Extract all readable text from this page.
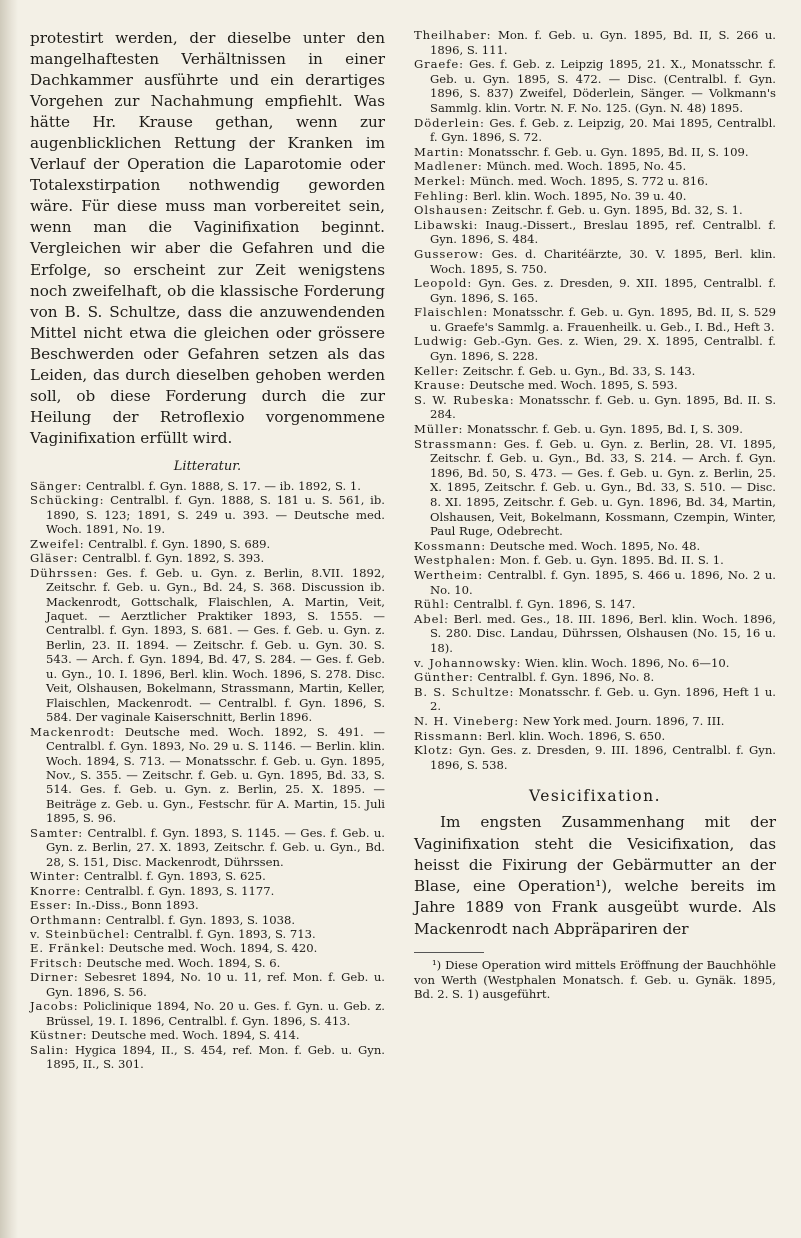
protestirt werden, der dieselbe unter den mangelhaftesten Verhältnissen in einer Dachkammer ausführte und ein derartiges Vorgehen zur Nachahmung empfiehlt. Was hätte Hr. Krause gethan, wenn zur augenblicklichen Rettung der Kranken im Verlauf der Operation die Laparotomie oder Totalexstirpation nothwendig geworden wäre. Für diese muss man vorbereitet sein, wenn man die Vaginifixation beginnt. Vergleichen wir aber die Gefahren und die Erfolge, so erscheint zur Zeit wenigstens noch zweifelhaft, ob die klassische Forderung von B. S. Schultze, dass die anzuwendenden Mittel nicht etwa die gleichen oder grössere Beschwerden oder Gefahren setzen als das Leiden, das durch dieselben gehoben werden soll, ob diese Forderung durch die zur Heilung der Retroflexio vorgenommene Vaginifixation erfüllt wird.

Litteratur.
Sänger: Centralbl. f. Gyn. 1888, S. 17. — ib. 1892, S. 1.
Schücking: Centralbl. f. Gyn. 1888, S. 181 u. S. 561, ib. 1890, S. 123; 1891, S. 249 u. 393. — Deutsche med. Woch. 1891, No. 19.
Zweifel: Centralbl. f. Gyn. 1890, S. 689.
Gläser: Centralbl. f. Gyn. 1892, S. 393.
Dührssen: Ges. f. Geb. u. Gyn. z. Berlin, 8.VII. 1892, Zeitschr. f. Geb. u. Gyn., Bd. 24, S. 368. Discussion ib. Mackenrodt, Gottschalk, Flaischlen, A. Martin, Veit, Jaquet. — Aerztlicher Praktiker 1893, S. 1555. — Centralbl. f. Gyn. 1893, S. 681. — Ges. f. Geb. u. Gyn. z. Berlin, 23. II. 1894. — Zeitschr. f. Geb. u. Gyn. 30. S. 543. — Arch. f. Gyn. 1894, Bd. 47, S. 284. — Ges. f. Geb. u. Gyn., 10. I. 1896, Berl. klin. Woch. 1896, S. 278. Disc. Veit, Olshausen, Bokelmann, Strassmann, Martin, Keller, Flaischlen, Mackenrodt. — Centralbl. f. Gyn. 1896, S. 584. Der vaginale Kaiserschnitt, Berlin 1896.
Mackenrodt: Deutsche med. Woch. 1892, S. 491. — Centralbl. f. Gyn. 1893, No. 29 u. S. 1146. — Berlin. klin. Woch. 1894, S. 713. — Monatsschr. f. Geb. u. Gyn. 1895, Nov., S. 355. — Zeitschr. f. Geb. u. Gyn. 1895, Bd. 33, S. 514. Ges. f. Geb. u. Gyn. z. Berlin, 25. X. 1895. — Beiträge z. Geb. u. Gyn., Festschr. für A. Martin, 15. Juli 1895, S. 96.
Samter: Centralbl. f. Gyn. 1893, S. 1145. — Ges. f. Geb. u. Gyn. z. Berlin, 27. X. 1893, Zeitschr. f. Geb. u. Gyn., Bd. 28, S. 151, Disc. Mackenrodt, Dührssen.
Winter: Centralbl. f. Gyn. 1893, S. 625.
Knorre: Centralbl. f. Gyn. 1893, S. 1177.
Esser: In.-Diss., Bonn 1893.
Orthmann: Centralbl. f. Gyn. 1893, S. 1038.
v. Steinbüchel: Centralbl. f. Gyn. 1893, S. 713.
E. Fränkel: Deutsche med. Woch. 1894, S. 420.
Fritsch: Deutsche med. Woch. 1894, S. 6.
Dirner: Sebesret 1894, No. 10 u. 11, ref. Mon. f. Geb. u. Gyn. 1896, S. 56.
Jacobs: Policlinique 1894, No. 20 u. Ges. f. Gyn. u. Geb. z. Brüssel, 19. I. 1896, Centralbl. f. Gyn. 1896, S. 413.
Küstner: Deutsche med. Woch. 1894, S. 414.
Salin: Hygica 1894, II., S. 454, ref. Mon. f. Geb. u. Gyn. 1895, II., S. 301.
Theilhaber: Mon. f. Geb. u. Gyn. 1895, Bd. II, S. 266 u. 1896, S. 111.
Graefe: Ges. f. Geb. z. Leipzig 1895, 21. X., Monatsschr. f. Geb. u. Gyn. 1895, S. 472. — Disc. (Centralbl. f. Gyn. 1896, S. 837) Zweifel, Döderlein, Sänger. — Volkmann's Sammlg. klin. Vortr. N. F. No. 125. (Gyn. N. 48) 1895.
Döderlein: Ges. f. Geb. z. Leipzig, 20. Mai 1895, Centralbl. f. Gyn. 1896, S. 72.
Martin: Monatsschr. f. Geb. u. Gyn. 1895, Bd. II, S. 109.
Madlener: Münch. med. Woch. 1895, No. 45.
Merkel: Münch. med. Woch. 1895, S. 772 u. 816.
Fehling: Berl. klin. Woch. 1895, No. 39 u. 40.
Olshausen: Zeitschr. f. Geb. u. Gyn. 1895, Bd. 32, S. 1.
Libawski: Inaug.-Dissert., Breslau 1895, ref. Centralbl. f. Gyn. 1896, S. 484.
Gusserow: Ges. d. Charitéärzte, 30. V. 1895, Berl. klin. Woch. 1895, S. 750.
Leopold: Gyn. Ges. z. Dresden, 9. XII. 1895, Centralbl. f. Gyn. 1896, S. 165.
Flaischlen: Monatsschr. f. Geb. u. Gyn. 1895, Bd. II, S. 529 u. Graefe's Sammlg. a. Frauenheilk. u. Geb., I. Bd., Heft 3.
Ludwig: Geb.-Gyn. Ges. z. Wien, 29. X. 1895, Centralbl. f. Gyn. 1896, S. 228.
Keller: Zeitschr. f. Geb. u. Gyn., Bd. 33, S. 143.
Krause: Deutsche med. Woch. 1895, S. 593.
S. W. Rubeska: Monatsschr. f. Geb. u. Gyn. 1895, Bd. II. S. 284.
Müller: Monatsschr. f. Geb. u. Gyn. 1895, Bd. I, S. 309.
Strassmann: Ges. f. Geb. u. Gyn. z. Berlin, 28. VI. 1895, Zeitschr. f. Geb. u. Gyn., Bd. 33, S. 214. — Arch. f. Gyn. 1896, Bd. 50, S. 473. — Ges. f. Geb. u. Gyn. z. Berlin, 25. X. 1895, Zeitschr. f. Geb. u. Gyn., Bd. 33, S. 510. — Disc. 8. XI. 1895, Zeitschr. f. Geb. u. Gyn. 1896, Bd. 34, Martin, Olshausen, Veit, Bokelmann, Kossmann, Czempin, Winter, Paul Ruge, Odebrecht.
Kossmann: Deutsche med. Woch. 1895, No. 48.
Westphalen: Mon. f. Geb. u. Gyn. 1895. Bd. II. S. 1.
Wertheim: Centralbl. f. Gyn. 1895, S. 466 u. 1896, No. 2 u. No. 10.
Rühl: Centralbl. f. Gyn. 1896, S. 147.
Abel: Berl. med. Ges., 18. III. 1896, Berl. klin. Woch. 1896, S. 280. Disc. Landau, Dührssen, Olshausen (No. 15, 16 u. 18).
v. Johannowsky: Wien. klin. Woch. 1896, No. 6—10.
Günther: Centralbl. f. Gyn. 1896, No. 8.
B. S. Schultze: Monatsschr. f. Geb. u. Gyn. 1896, Heft 1 u. 2.
N. H. Vineberg: New York med. Journ. 1896, 7. III.
Rissmann: Berl. klin. Woch. 1896, S. 650.
Klotz: Gyn. Ges. z. Dresden, 9. III. 1896, Centralbl. f. Gyn. 1896, S. 538.
Vesicifixation.

Im engsten Zusammenhang mit der Vaginifixation steht die Vesicifixation, das heisst die Fixirung der Gebärmutter an der Blase, eine Operation¹), welche bereits im Jahre 1889 von Frank ausgeübt wurde. Als Mackenrodt nach Abpräpariren der

¹) Diese Operation wird mittels Eröffnung der Bauchhöhle von Werth (Westphalen Monatsch. f. Geb. u. Gynäk. 1895, Bd. 2. S. 1) ausgeführt.
